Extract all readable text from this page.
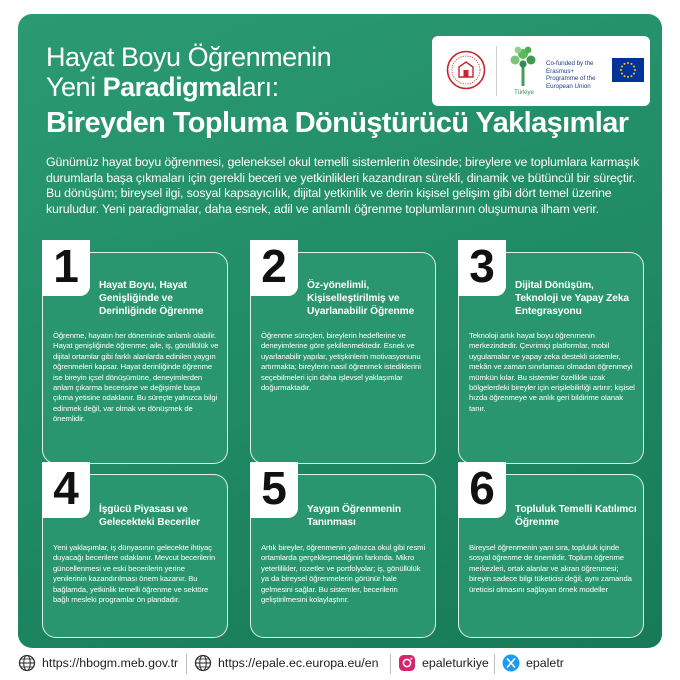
Hayat Boyu Öğrenmenin
Yeni Paradigmaları:
Bireyden Topluma Dönüştürücü Yaklaşımlar
Türkiye
Co-funded by the Erasmus+ Programme of the European Union
Günümüz hayat boyu öğrenmesi, geleneksel okul temelli sistemlerin ötesinde; bireylere ve toplumlara karmaşık durumlarla başa çıkmaları için gerekli beceri ve yetkinlikleri kazandıran sürekli, dinamik ve bütüncül bir süreçtir. Bu dönüşüm; bireysel ilgi, sosyal kapsayıcılık, dijital yetkinlik ve derin kişisel gelişim gibi dört temel üzerine kuruludur. Yeni paradigmalar, daha esnek, adil ve anlamlı öğrenme toplumlarının oluşumuna ilham verir.
Hayat Boyu, Hayat Genişliğinde ve Derinliğinde Öğrenme
Öğrenme, hayatın her döneminde anlamlı olabilir. Hayat genişliğinde öğrenme; aile, iş, gönüllülük ve dijital ortamlar gibi farklı alanlarda edinilen yaygın öğrenmeleri kapsar. Hayat derinliğinde öğrenme ise bireyin içsel dönüşümüne, deneyimlerden anlam çıkarma becerisine ve değişimle başa çıkma yetisine odaklanır. Bu süreçte yalnızca bilgi edinmek değil, var olmak ve dönüşmek de önemlidir.
1	Öz-yönelimli, Kişiselleştirilmiş ve Uyarlanabilir Öğrenme
Öğrenme süreçleri, bireylerin hedeflerine ve deneyimlerine göre şekillenmektedir. Esnek ve uyarlanabilir yapılar, yetişkinlerin motivasyonunu artırmakta; bireylerin nasıl öğrenmek istediklerini seçebilmeleri için daha işlevsel yaklaşımlar doğurmaktadır.
2	Dijital Dönüşüm, Teknoloji ve Yapay Zeka Entegrasyonu
Teknoloji artık hayat boyu öğrenmenin merkezindedir. Çevrimiçi platformlar, mobil uygulamalar ve yapay zeka destekli sistemler, mekân ve zaman sınırlaması olmadan öğrenmeyi mümkün kılar. Bu sistemler özellikle uzak bölgelerdeki bireyler için erişilebilirliği artırır; kişisel hızda öğrenmeye ve anlık geri bildirime olanak tanır.
3
İşgücü Piyasası ve Gelecekteki Beceriler
Yeni yaklaşımlar, iş dünyasının gelecekte ihtiyaç duyacağı becerilere odaklanır. Mevcut becerilerin güncellenmesi ve eski becerilerin yerine yenilerinin kazandırılması önem kazanır. Bu bağlamda, yetkinlik temelli öğrenme ve sektöre bağlı mesleki programlar ön plandadır.
4	Yaygın Öğrenmenin Tanınması
Artık bireyler, öğrenmenin yalnızca okul gibi resmi ortamlarda gerçekleşmediğinin farkında. Mikro yeterlilikler, rozetler ve portfolyolar; iş, gönüllülük ya da bireysel öğrenmelerin görünür hale gelmesini sağlar. Bu sistemler, becerilerin geliştirilmesini kolaylaştırır.
5	Topluluk Temelli Katılımcı Öğrenme
Bireysel öğrenmenin yanı sıra, topluluk içinde sosyal öğrenme de önemlidir. Toplum öğrenme merkezleri, ortak alanlar ve akran öğrenmesi; bireyin sadece bilgi tüketicisi değil, aynı zamanda üreticisi olmasını sağlayan örnek modeller
6
https://hbogm.meb.gov.tr	https://epale.ec.europa.eu/en	epaleturkiye	epaletr
